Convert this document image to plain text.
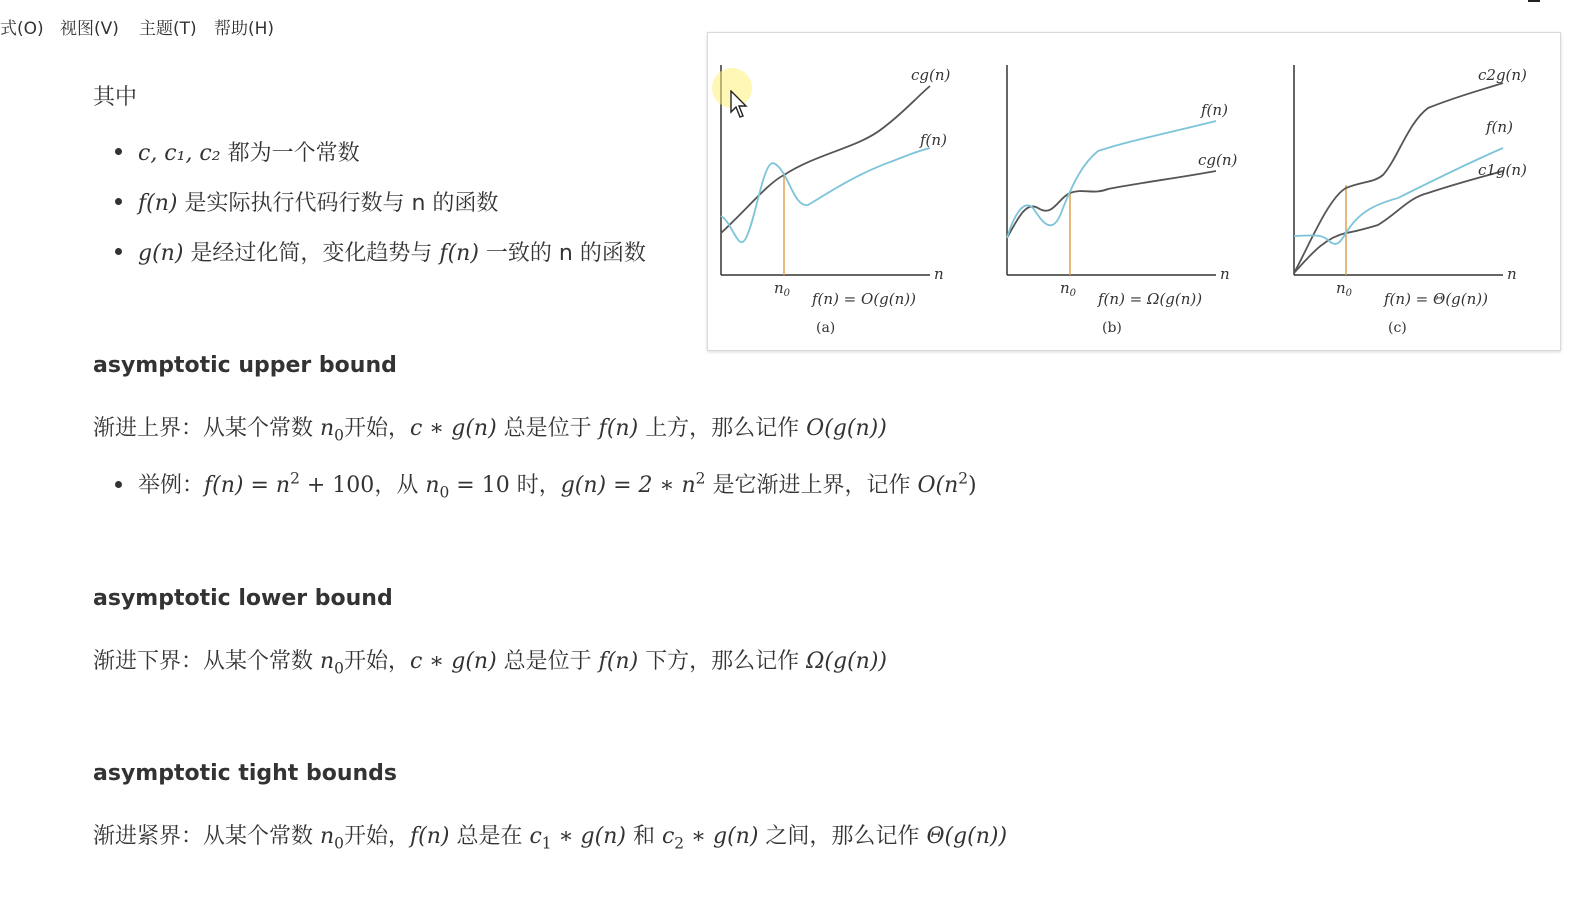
式(O) 视图(V) 主题(T) 帮助(H)
其中
c, c₁, c₂ 都为一个常数
f(n) 是实际执行代码行数与 n 的函数
g(n) 是经过化简，变化趋势与 f(n) 一致的 n 的函数
cg(n)
f(n)
n
$n_0$ f(n) = O(g(n))
(a)
f(n)
cg(n)
n
$n_0$ f(n) = Ω(g(n))
(b)
c2g(n)
f(n)
c1g(n)
n
$n_0$ f(n) = Θ(g(n))
(c)
asymptotic upper bound
渐进上界：从某个常数 $n_0$开始，c ∗ g(n) 总是位于 f(n) 上方，那么记作 O(g(n))
举例：$f(n) = n^2 + 100$，从 $n_0 = 10$ 时，g(n) = 2 ∗ $n^2$ 是它渐进上界，记作 $O(n^2)$
asymptotic lower bound
渐进下界：从某个常数 $n_0$开始，c ∗ g(n) 总是位于 f(n) 下方，那么记作 Ω(g(n))
asymptotic tight bounds
渐进紧界：从某个常数 $n_0$开始，f(n) 总是在 $c_1$ ∗ g(n) 和 $c_2$ ∗ g(n) 之间，那么记作 Θ(g(n))
